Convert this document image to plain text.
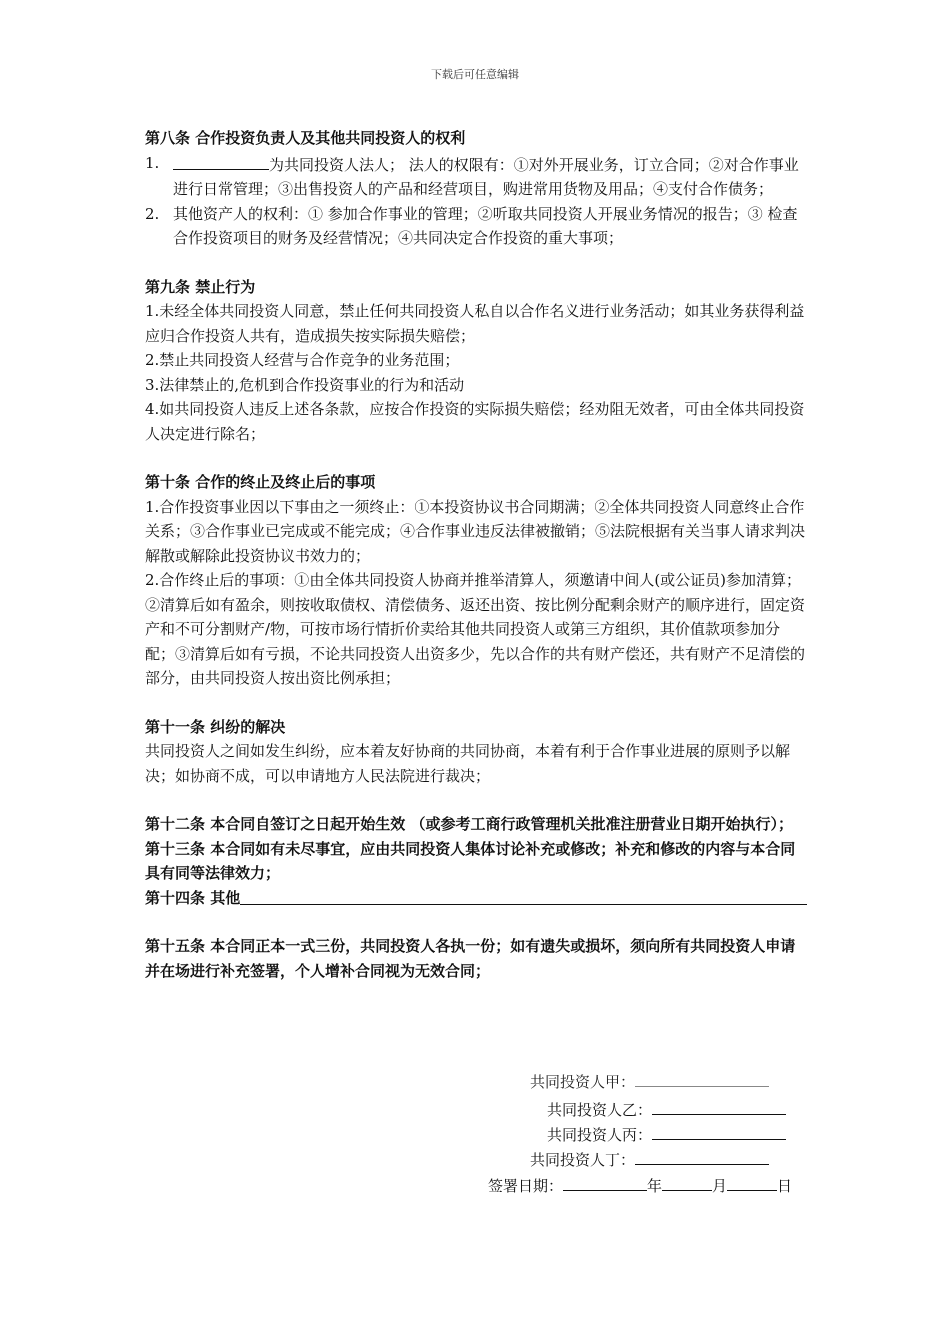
下载后可任意编辑

第八条 合作投资负责人及其他共同投资人的权利

1.	为共同投资人法人； 法人的权限有：①对外开展业务，订立合同；②对合作事业进行日常管理；③出售投资人的产品和经营项目，购进常用货物及用品；④支付合作债务；
2. 其他资产人的权利：① 参加合作事业的管理；②听取共同投资人开展业务情况的报告；③ 检查合作投资项目的财务及经营情况；④共同决定合作投资的重大事项；

第九条 禁止行为

1.未经全体共同投资人同意，禁止任何共同投资人私自以合作名义进行业务活动；如其业务获得利益应归合作投资人共有，造成损失按实际损失赔偿；

2.禁止共同投资人经营与合作竞争的业务范围；

3.法律禁止的,危机到合作投资事业的行为和活动

4.如共同投资人违反上述各条款，应按合作投资的实际损失赔偿；经劝阻无效者，可由全体共同投资人决定进行除名；

第十条 合作的终止及终止后的事项

1.合作投资事业因以下事由之一须终止：①本投资协议书合同期满；②全体共同投资人同意终止合作关系；③合作事业已完成或不能完成；④合作事业违反法律被撤销；⑤法院根据有关当事人请求判决解散或解除此投资协议书效力的；

2.合作终止后的事项：①由全体共同投资人协商并推举清算人，须邀请中间人(或公证员)参加清算；②清算后如有盈余，则按收取债权、清偿债务、返还出资、按比例分配剩余财产的顺序进行，固定资产和不可分割财产/物，可按市场行情折价卖给其他共同投资人或第三方组织，其价值款项参加分配；③清算后如有亏损，不论共同投资人出资多少，先以合作的共有财产偿还，共有财产不足清偿的部分，由共同投资人按出资比例承担；

第十一条 纠纷的解决

共同投资人之间如发生纠纷，应本着友好协商的共同协商，本着有利于合作事业进展的原则予以解决；如协商不成，可以申请地方人民法院进行裁决；

第十二条 本合同自签订之日起开始生效 （或参考工商行政管理机关批准注册营业日期开始执行）；

第十三条 本合同如有未尽事宜，应由共同投资人集体讨论补充或修改；补充和修改的内容与本合同具有同等法律效力；

第十四条 其他

第十五条 本合同正本一式三份，共同投资人各执一份；如有遗失或损坏，须向所有共同投资人申请并在场进行补充签署，个人增补合同视为无效合同；

共同投资人甲：
共同投资人乙：
共同投资人丙：
共同投资人丁：
签署日期：	年	月	日
